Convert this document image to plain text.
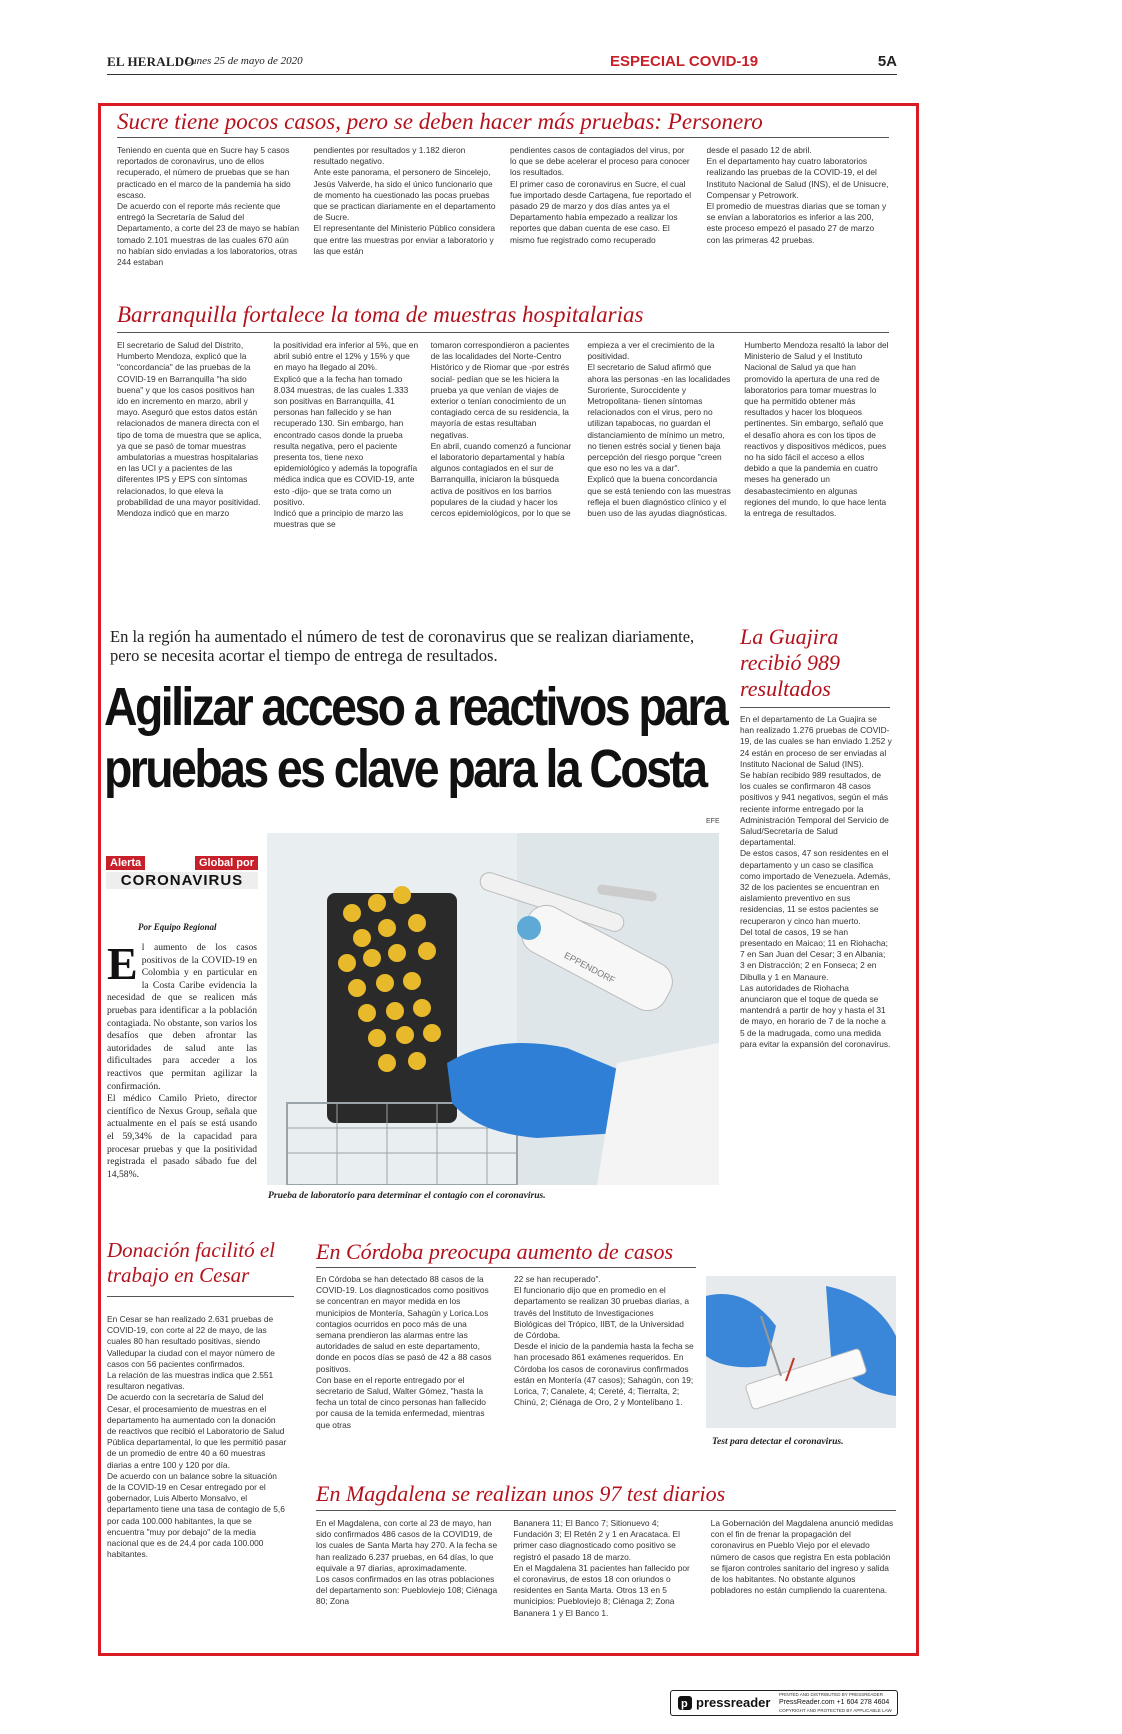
EL HERALDO
Lunes 25 de mayo de 2020	ESPECIAL COVID-19	5A
Sucre tiene pocos casos, pero se deben hacer más pruebas: Personero
Teniendo en cuenta que en Sucre hay 5 casos reportados de coronavirus, uno de ellos recuperado, el número de pruebas que se han practicado en el marco de la pandemia ha sido escaso.
De acuerdo con el reporte más reciente que entregó la Secretaría de Salud del Departamento, a corte del 23 de mayo se habían tomado 2.101 muestras de las cuales 670 aún no habían sido enviadas a los laboratorios, otras 244 estaban
pendientes por resultados y 1.182 dieron resultado negativo.
Ante este panorama, el personero de Sincelejo, Jesús Valverde, ha sido el único funcionario que de momento ha cuestionado las pocas pruebas que se practican diariamente en el departamento de Sucre.
El representante del Ministerio Público considera que entre las muestras por enviar a laboratorio y las que están
pendientes casos de contagiados del virus, por lo que se debe acelerar el proceso para conocer los resultados.
El primer caso de coronavirus en Sucre, el cual fue importado desde Cartagena, fue reportado el pasado 29 de marzo y dos días antes ya el Departamento había empezado a realizar los reportes que daban cuenta de ese caso. El mismo fue registrado como recuperado
desde el pasado 12 de abril.
En el departamento hay cuatro laboratorios realizando las pruebas de la COVID-19, el del Instituto Nacional de Salud (INS), el de Unisucre, Compensar y Petrowork.
El promedio de muestras diarias que se toman y se envían a laboratorios es inferior a las 200, este proceso empezó el pasado 27 de marzo con las primeras 42 pruebas.
Barranquilla fortalece la toma de muestras hospitalarias
El secretario de Salud del Distrito, Humberto Mendoza, explicó que la "concordancia" de las pruebas de la COVID-19 en Barranquilla "ha sido buena" y que los casos positivos han ido en incremento en marzo, abril y mayo. Aseguró que estos datos están relacionados de manera directa con el tipo de toma de muestra que se aplica, ya que se pasó de tomar muestras ambulatorias a muestras hospitalarias en las UCI y a pacientes de las diferentes IPS y EPS con síntomas relacionados, lo que eleva la probabilidad de una mayor positividad.
Mendoza indicó que en marzo
la positividad era inferior al 5%, que en abril subió entre el 12% y 15% y que en mayo ha llegado al 20%.
Explicó que a la fecha han tomado 8.034 muestras, de las cuales 1.333 son positivas en Barranquilla, 41 personas han fallecido y se han recuperado 130. Sin embargo, han encontrado casos donde la prueba resulta negativa, pero el paciente presenta tos, tiene nexo epidemiológico y además la topografía médica indica que es COVID-19, ante esto -dijo- que se trata como un positivo.
Indicó que a principio de marzo las muestras que se
tomaron correspondieron a pacientes de las localidades del Norte-Centro Histórico y de Riomar que -por estrés social- pedían que se les hiciera la prueba ya que venían de viajes de exterior o tenían conocimiento de un contagiado cerca de su residencia, la mayoría de estas resultaban negativas.
En abril, cuando comenzó a funcionar el laboratorio departamental y había algunos contagiados en el sur de Barranquilla, iniciaron la búsqueda activa de positivos en los barrios populares de la ciudad y hacer los cercos epidemiológicos, por lo que se
empieza a ver el crecimiento de la positividad.
El secretario de Salud afirmó que ahora las personas -en las localidades Suroriente, Suroccidente y Metropolitana- tienen síntomas relacionados con el virus, pero no utilizan tapabocas, no guardan el distanciamiento de mínimo un metro, no tienen estrés social y tienen baja percepción del riesgo porque "creen que eso no les va a dar".
Explicó que la buena concordancia que se está teniendo con las muestras refleja el buen diagnóstico clínico y el buen uso de las ayudas diagnósticas.
Humberto Mendoza resaltó la labor del Ministerio de Salud y el Instituto Nacional de Salud ya que han promovido la apertura de una red de laboratorios para tomar muestras lo que ha permitido obtener más resultados y hacer los bloqueos pertinentes. Sin embargo, señaló que el desafío ahora es con los tipos de reactivos y dispositivos médicos, pues no ha sido fácil el acceso a ellos debido a que la pandemia en cuatro meses ha generado un desabastecimiento en algunas regiones del mundo, lo que hace lenta la entrega de resultados.
En la región ha aumentado el número de test de coronavirus que se realizan diariamente, pero se necesita acortar el tiempo de entrega de resultados.
Agilizar acceso a reactivos para
pruebas es clave para la Costa
EFE
Alerta	Global por
CORONAVIRUS
Por Equipo Regional
El aumento de los casos positivos de la COVID-19 en Colombia y en particular en la Costa Caribe evidencia la necesidad de que se realicen más pruebas para identificar a la población contagiada. No obstante, son varios los desafíos que deben afrontar las autoridades de salud ante las dificultades para acceder a los reactivos que permitan agilizar la confirmación.
El médico Camilo Prieto, director científico de Nexus Group, señala que actualmente en el país se está usando el 59,34% de la capacidad para procesar pruebas y que la positividad registrada el pasado sábado fue del 14,58%.
EPPENDORF
Prueba de laboratorio para determinar el contagio con el coronavirus.
La Guajira recibió 989 resultados
En el departamento de La Guajira se han realizado 1.276 pruebas de COVID-19, de las cuales se han enviado 1.252 y 24 están en proceso de ser enviadas al Instituto Nacional de Salud (INS).
Se habían recibido 989 resultados, de los cuales se confirmaron 48 casos positivos y 941 negativos, según el más reciente informe entregado por la Administración Temporal del Servicio de Salud/Secretaría de Salud departamental.
De estos casos, 47 son residentes en el departamento y un caso se clasifica como importado de Venezuela. Además, 32 de los pacientes se encuentran en aislamiento preventivo en sus residencias, 11 se estos pacientes se recuperaron y cinco han muerto.
Del total de casos, 19 se han presentado en Maicao; 11 en Riohacha; 7 en San Juan del Cesar; 3 en Albania; 3 en Distracción; 2 en Fonseca; 2 en Dibulla y 1 en Manaure.
Las autoridades de Riohacha anunciaron que el toque de queda se mantendrá a partir de hoy y hasta el 31 de mayo, en horario de 7 de la noche a 5 de la madrugada, como una medida para evitar la expansión del coronavirus.
Donación facilitó el trabajo en Cesar
En Cesar se han realizado 2.631 pruebas de COVID-19, con corte al 22 de mayo, de las cuales 80 han resultado positivas, siendo Valledupar la ciudad con el mayor número de casos con 56 pacientes confirmados.
La relación de las muestras indica que 2.551 resultaron negativas.
De acuerdo con la secretaría de Salud del Cesar, el procesamiento de muestras en el departamento ha aumentado con la donación de reactivos que recibió el Laboratorio de Salud Pública departamental, lo que les permitió pasar de un promedio de entre 40 a 60 muestras diarias a entre 100 y 120 por día.
De acuerdo con un balance sobre la situación de la COVID-19 en Cesar entregado por el gobernador, Luis Alberto Monsalvo, el departamento tiene una tasa de contagio de 5,6 por cada 100.000 habitantes, la que se encuentra "muy por debajo" de la media nacional que es de 24,4 por cada 100.000 habitantes.
En Córdoba preocupa aumento de casos
En Córdoba se han detectado 88 casos de la COVID-19. Los diagnosticados como positivos se concentran en mayor medida en los municipios de Montería, Sahagún y Lorica.Los contagios ocurridos en poco más de una semana prendieron las alarmas entre las autoridades de salud en este departamento, donde en pocos días se pasó de 42 a 88 casos positivos.
Con base en el reporte entregado por el secretario de Salud, Walter Gómez, "hasta la fecha un total de cinco personas han fallecido por causa de la temida enfermedad, mientras que otras
22 se han recuperado".
El funcionario dijo que en promedio en el departamento se realizan 30 pruebas diarias, a través del Instituto de Investigaciones Biológicas del Trópico, IIBT, de la Universidad de Córdoba.
Desde el inicio de la pandemia hasta la fecha se han procesado 861 exámenes requeridos. En Córdoba los casos de coronavirus confirmados están en Montería (47 casos); Sahagún, con 19; Lorica, 7; Canalete, 4; Cereté, 4; Tierralta, 2; Chinú, 2; Ciénaga de Oro, 2 y Montelíbano 1.
Test para detectar el coronavirus.
En Magdalena se realizan unos 97 test diarios
En el Magdalena, con corte al 23 de mayo, han sido confirmados 486 casos de la COVID19, de los cuales de Santa Marta hay 270. A la fecha se han realizado 6.237 pruebas, en 64 días, lo que equivale a 97 diarias, aproximadamente.
Los casos confirmados en las otras poblaciones del departamento son: Puebloviejo 108; Ciénaga 80; Zona
Bananera 11; El Banco 7; Sitionuevo 4; Fundación 3; El Retén 2 y 1 en Aracataca. El primer caso diagnosticado como positivo se registró el pasado 18 de marzo.
En el Magdalena 31 pacientes han fallecido por el coronavirus, de estos 18 con oriundos o residentes en Santa Marta. Otros 13 en 5 municipios: Puebloviejo 8; Ciénaga 2; Zona Bananera 1 y El Banco 1.
La Gobernación del Magdalena anunció medidas con el fin de frenar la propagación del coronavirus en Pueblo Viejo por el elevado número de casos que registra En esta población se fijaron controles sanitario del ingreso y salida de los habitantes. No obstante algunos pobladores no están cumpliendo la cuarentena.
p pressreader
PRINTED AND DISTRIBUTED BY PRESSREADER
PressReader.com +1 604 278 4604
COPYRIGHT AND PROTECTED BY APPLICABLE LAW
